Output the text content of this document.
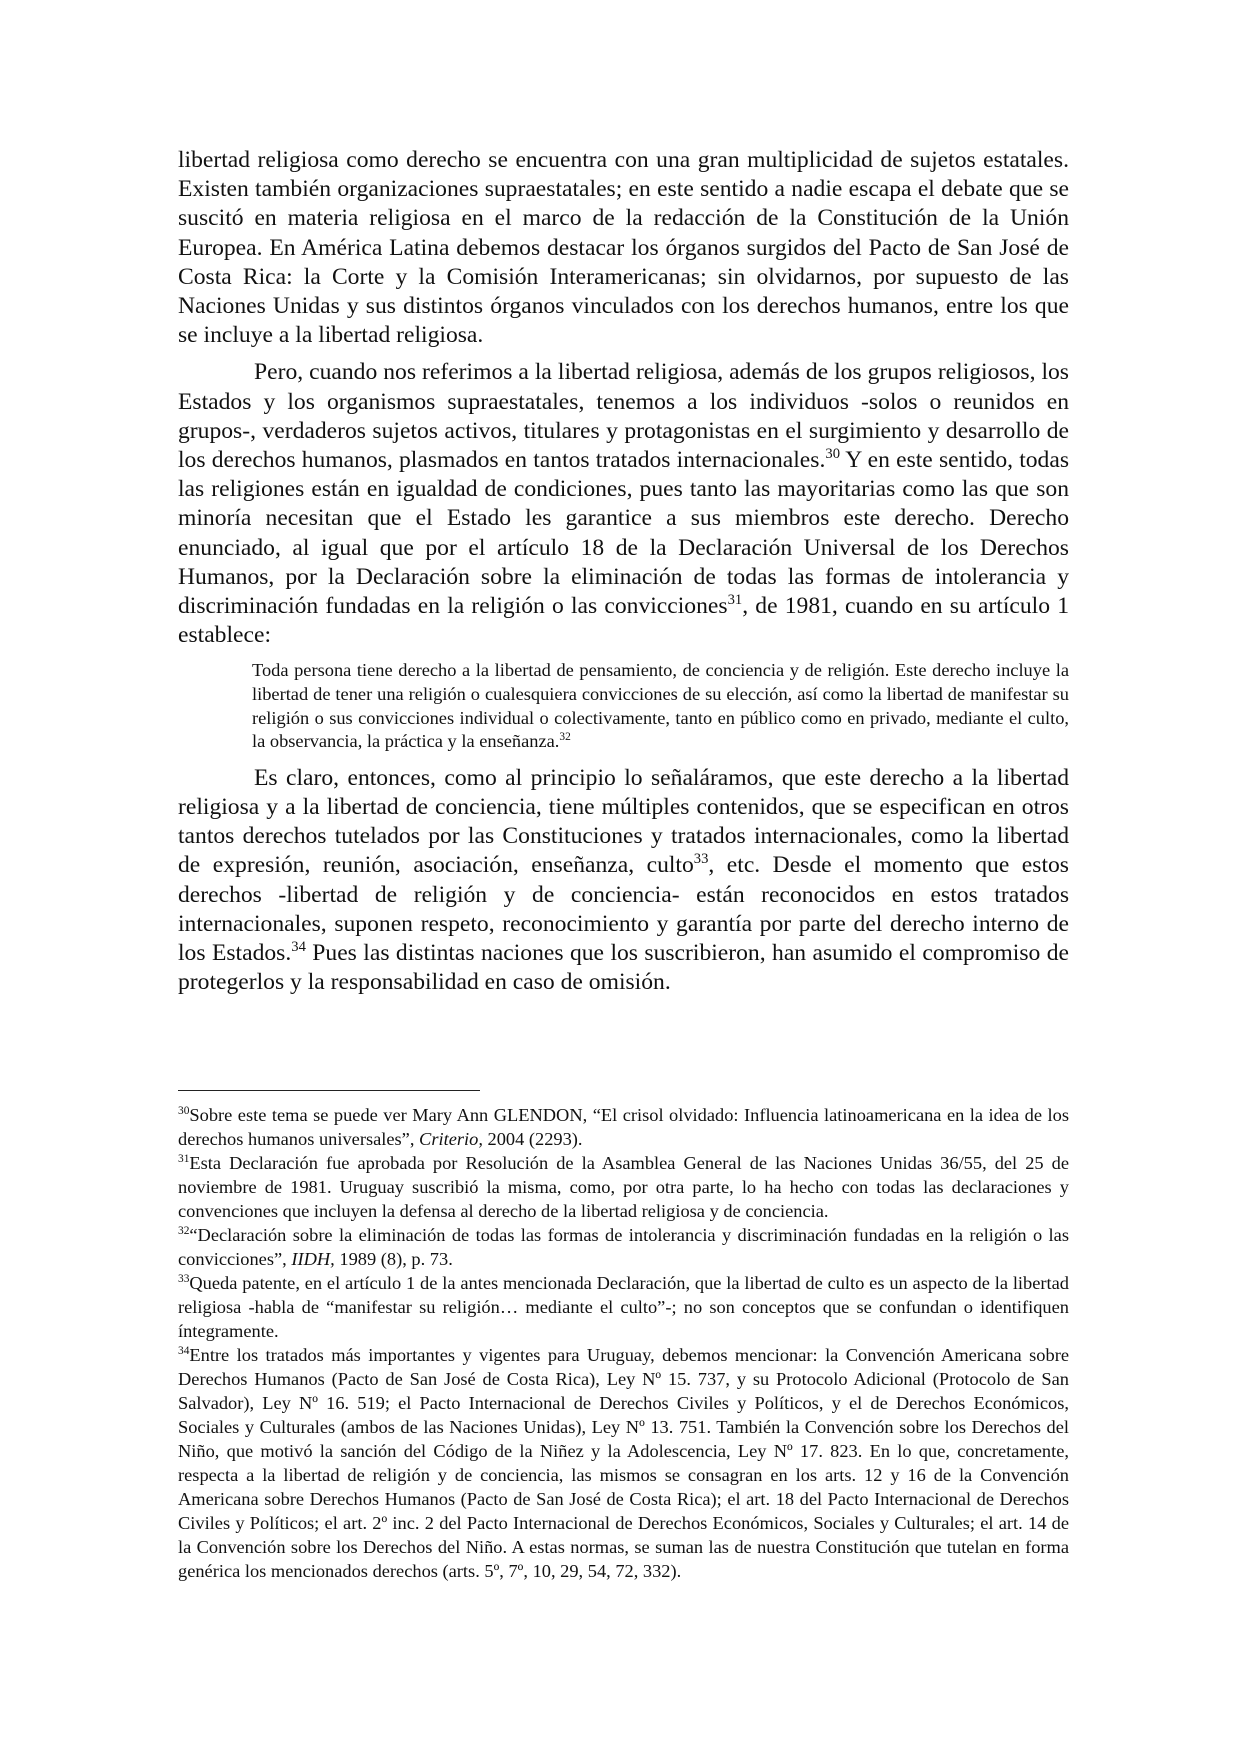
libertad religiosa como derecho se encuentra con una gran multiplicidad de sujetos estatales. Existen también organizaciones supraestatales; en este sentido a nadie escapa el debate que se suscitó en materia religiosa en el marco de la redacción de la Constitución de la Unión Europea. En América Latina debemos destacar los órganos surgidos del Pacto de San José de Costa Rica: la Corte y la Comisión Interamericanas; sin olvidarnos, por supuesto de las Naciones Unidas y sus distintos órganos vinculados con los derechos humanos, entre los que se incluye a la libertad religiosa.

Pero, cuando nos referimos a la libertad religiosa, además de los grupos religiosos, los Estados y los organismos supraestatales, tenemos a los individuos -solos o reunidos en grupos-, verdaderos sujetos activos, titulares y protagonistas en el surgimiento y desarrollo de los derechos humanos, plasmados en tantos tratados internacionales.$^{30}$ Y en este sentido, todas las religiones están en igualdad de condiciones, pues tanto las mayoritarias como las que son minoría necesitan que el Estado les garantice a sus miembros este derecho. Derecho enunciado, al igual que por el artículo 18 de la Declaración Universal de los Derechos Humanos, por la Declaración sobre la eliminación de todas las formas de intolerancia y discriminación fundadas en la religión o las convicciones$^{31}$, de 1981, cuando en su artículo 1 establece:

Toda persona tiene derecho a la libertad de pensamiento, de conciencia y de religión. Este derecho incluye la libertad de tener una religión o cualesquiera convicciones de su elección, así como la libertad de manifestar su religión o sus convicciones individual o colectivamente, tanto en público como en privado, mediante el culto, la observancia, la práctica y la enseñanza.$^{32}$

Es claro, entonces, como al principio lo señaláramos, que este derecho a la libertad religiosa y a la libertad de conciencia, tiene múltiples contenidos, que se especifican en otros tantos derechos tutelados por las Constituciones y tratados internacionales, como la libertad de expresión, reunión, asociación, enseñanza, culto$^{33}$, etc. Desde el momento que estos derechos -libertad de religión y de conciencia- están reconocidos en estos tratados internacionales, suponen respeto, reconocimiento y garantía por parte del derecho interno de los Estados.$^{34}$ Pues las distintas naciones que los suscribieron, han asumido el compromiso de protegerlos y la responsabilidad en caso de omisión.

$^{30}$Sobre este tema se puede ver Mary Ann GLENDON, “El crisol olvidado: Influencia latinoamericana en la idea de los derechos humanos universales”, Criterio, 2004 (2293).

$^{31}$Esta Declaración fue aprobada por Resolución de la Asamblea General de las Naciones Unidas 36/55, del 25 de noviembre de 1981. Uruguay suscribió la misma, como, por otra parte, lo ha hecho con todas las declaraciones y convenciones que incluyen la defensa al derecho de la libertad religiosa y de conciencia.

$^{32}$“Declaración sobre la eliminación de todas las formas de intolerancia y discriminación fundadas en la religión o las convicciones”, IIDH, 1989 (8), p. 73.

$^{33}$Queda patente, en el artículo 1 de la antes mencionada Declaración, que la libertad de culto es un aspecto de la libertad religiosa -habla de “manifestar su religión… mediante el culto”-; no son conceptos que se confundan o identifiquen íntegramente.

$^{34}$Entre los tratados más importantes y vigentes para Uruguay, debemos mencionar: la Convención Americana sobre Derechos Humanos (Pacto de San José de Costa Rica), Ley Nº 15. 737, y su Protocolo Adicional (Protocolo de San Salvador), Ley Nº 16. 519; el Pacto Internacional de Derechos Civiles y Políticos, y el de Derechos Económicos, Sociales y Culturales (ambos de las Naciones Unidas), Ley Nº 13. 751. También la Convención sobre los Derechos del Niño, que motivó la sanción del Código de la Niñez y la Adolescencia, Ley Nº 17. 823. En lo que, concretamente, respecta a la libertad de religión y de conciencia, las mismos se consagran en los arts. 12 y 16 de la Convención Americana sobre Derechos Humanos (Pacto de San José de Costa Rica); el art. 18 del Pacto Internacional de Derechos Civiles y Políticos; el art. 2º inc. 2 del Pacto Internacional de Derechos Económicos, Sociales y Culturales; el art. 14 de la Convención sobre los Derechos del Niño. A estas normas, se suman las de nuestra Constitución que tutelan en forma genérica los mencionados derechos (arts. 5º, 7º, 10, 29, 54, 72, 332).
